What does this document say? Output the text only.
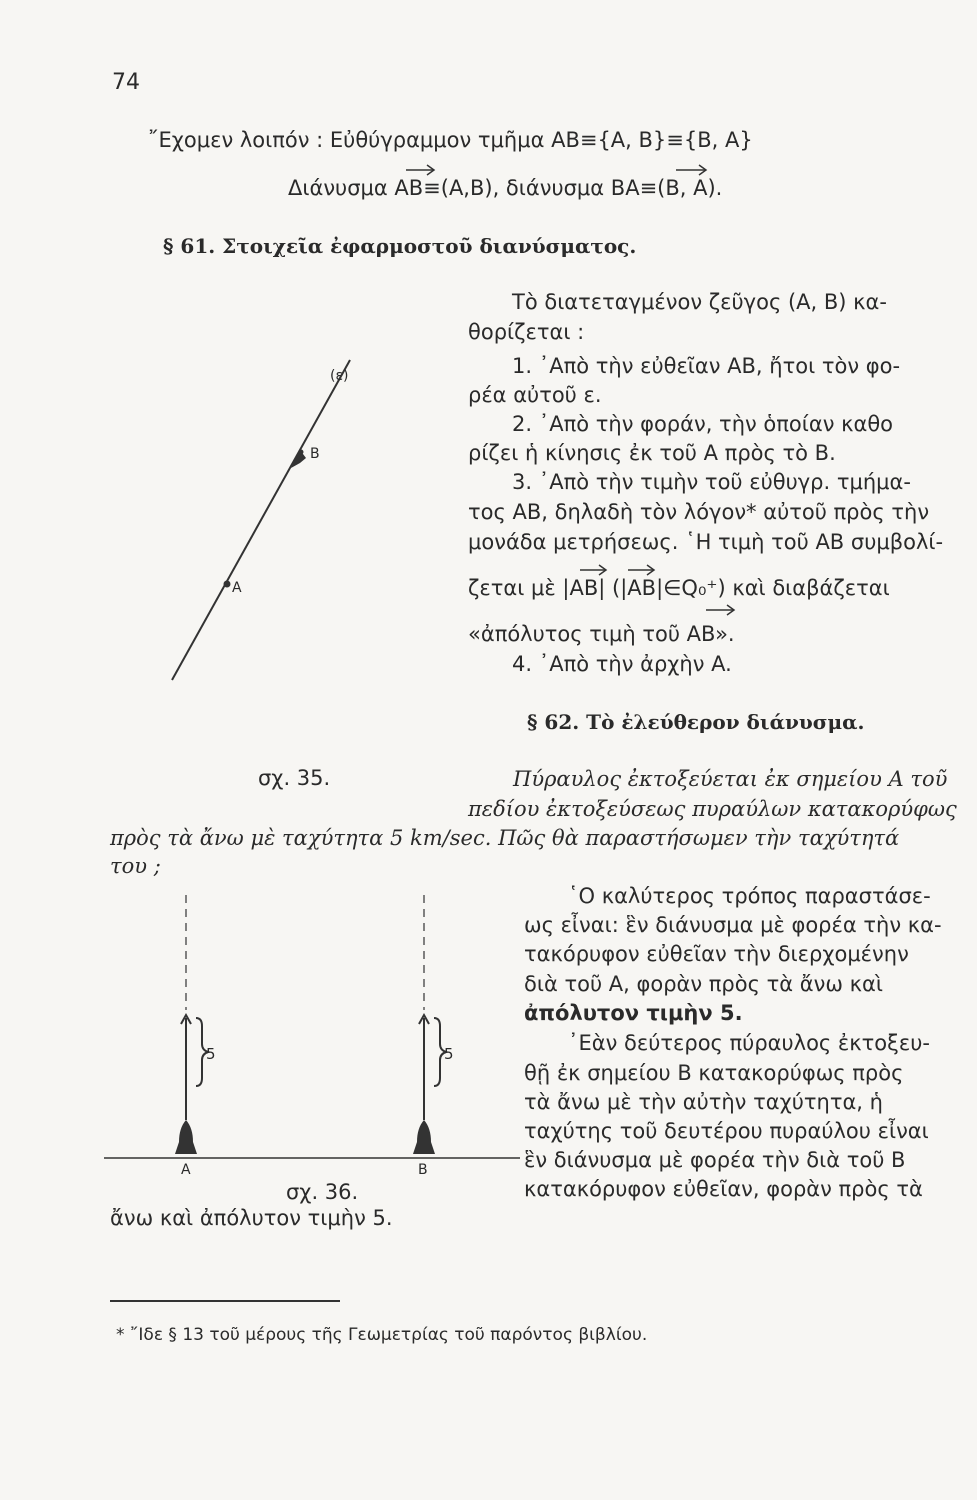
74
῎Εχομεν λοιπόν : Εὐθύγραμμον τμῆμα AB≡{A, B}≡{B, A}
Διάνυσμα AB≡(A,B), διάνυσμα BA≡(B, A).
§ 61. Στοιχεῖα ἐφαρμοστοῦ διανύσματος.
Τὸ διατεταγμένον ζεῦγος (A, B) κα-
θορίζεται :
1. ᾿Απὸ τὴν εὐθεῖαν AB, ἤτοι τὸν φο-
ρέα αὐτοῦ ε.
2. ᾿Απὸ τὴν φοράν, τὴν ὁποίαν καθο
ρίζει ἡ κίνησις ἐκ τοῦ A πρὸς τὸ B.
3. ᾿Απὸ τὴν τιμὴν τοῦ εὐθυγρ. τμήμα-
τος AB, δηλαδὴ τὸν λόγον* αὐτοῦ πρὸς τὴν
μονάδα μετρήσεως. ῾Η τιμὴ τοῦ AB συμβολί-
ζεται μὲ |AB| (|AB|∈Q₀⁺) καὶ διαβάζεται
«ἀπόλυτος τιμὴ τοῦ AB».
4. ᾿Απὸ τὴν ἀρχὴν A.
(ε)
B
A
σχ. 35.
§ 62. Τὸ ἐλεύθερον διάνυσμα.
Πύραυλος ἐκτοξεύεται ἐκ σημείου A τοῦ
πεδίου ἐκτοξεύσεως πυραύλων κατακορύφως
πρὸς τὰ ἄνω μὲ ταχύτητα 5 km/sec. Πῶς θὰ παραστήσωμεν τὴν ταχύτητά
του ;
῾Ο καλύτερος τρόπος παραστάσε-
ως εἶναι: ἓν διάνυσμα μὲ φορέα τὴν κα-
τακόρυφον εὐθεῖαν τὴν διερχομένην
διὰ τοῦ A, φορὰν πρὸς τὰ ἄνω καὶ
ἀπόλυτον τιμὴν 5.
᾿Εὰν δεύτερος πύραυλος ἐκτοξευ-
θῇ ἐκ σημείου B κατακορύφως πρὸς
τὰ ἄνω μὲ τὴν αὐτὴν ταχύτητα, ἡ
ταχύτης τοῦ δευτέρου πυραύλου εἶναι
ἓν διάνυσμα μὲ φορέα τὴν διὰ τοῦ B
κατακόρυφον εὐθεῖαν, φορὰν πρὸς τὰ
ἄνω καὶ ἀπόλυτον τιμὴν 5.
5	5
A	B
σχ. 36.
* ῎Ιδε § 13 τοῦ μέρους τῆς Γεωμετρίας τοῦ παρόντος βιβλίου.
